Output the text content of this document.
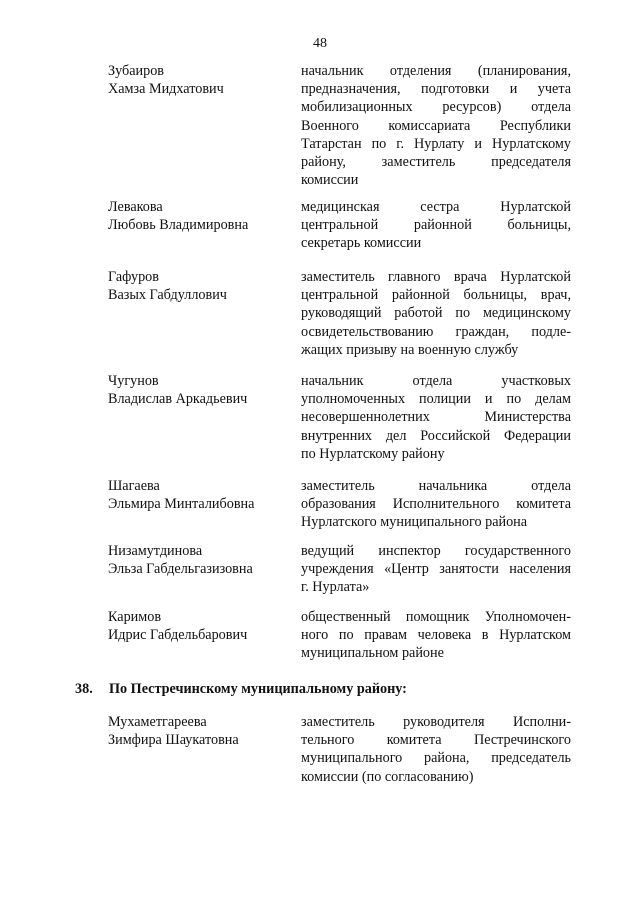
48
Зубаиров
Хамза Мидхатович
начальник отделения (планирования,
предназначения, подготовки и учета
мобилизационных ресурсов) отдела
Военного комиссариата Республики
Татарстан по г. Нурлату и Нурлатскому
району, заместитель председателя
комиссии
Левакова
Любовь Владимировна
медицинская сестра Нурлатской
центральной районной больницы,
секретарь комиссии
Гафуров
Вазых Габдуллович
заместитель главного врача Нурлатской
центральной районной больницы, врач,
руководящий работой по медицинскому
освидетельствованию граждан, подле-
жащих призыву на военную службу
Чугунов
Владислав Аркадьевич
начальник отдела участковых
уполномоченных полиции и по делам
несовершеннолетних Министерства
внутренних дел Российской Федерации
по Нурлатскому району
Шагаева
Эльмира Минталибовна
заместитель начальника отдела
образования Исполнительного комитета
Нурлатского муниципального района
Низамутдинова
Эльза Габдельгазизовна
ведущий инспектор государственного
учреждения «Центр занятости населения
г. Нурлата»
Каримов
Идрис Габдельбарович
общественный помощник Уполномочен-
ного по правам человека в Нурлатском
муниципальном районе
38. По Пестречинскому муниципальному району:
Мухаметгареева
Зимфира Шаукатовна
заместитель руководителя Исполни-
тельного комитета Пестречинского
муниципального района, председатель
комиссии (по согласованию)
